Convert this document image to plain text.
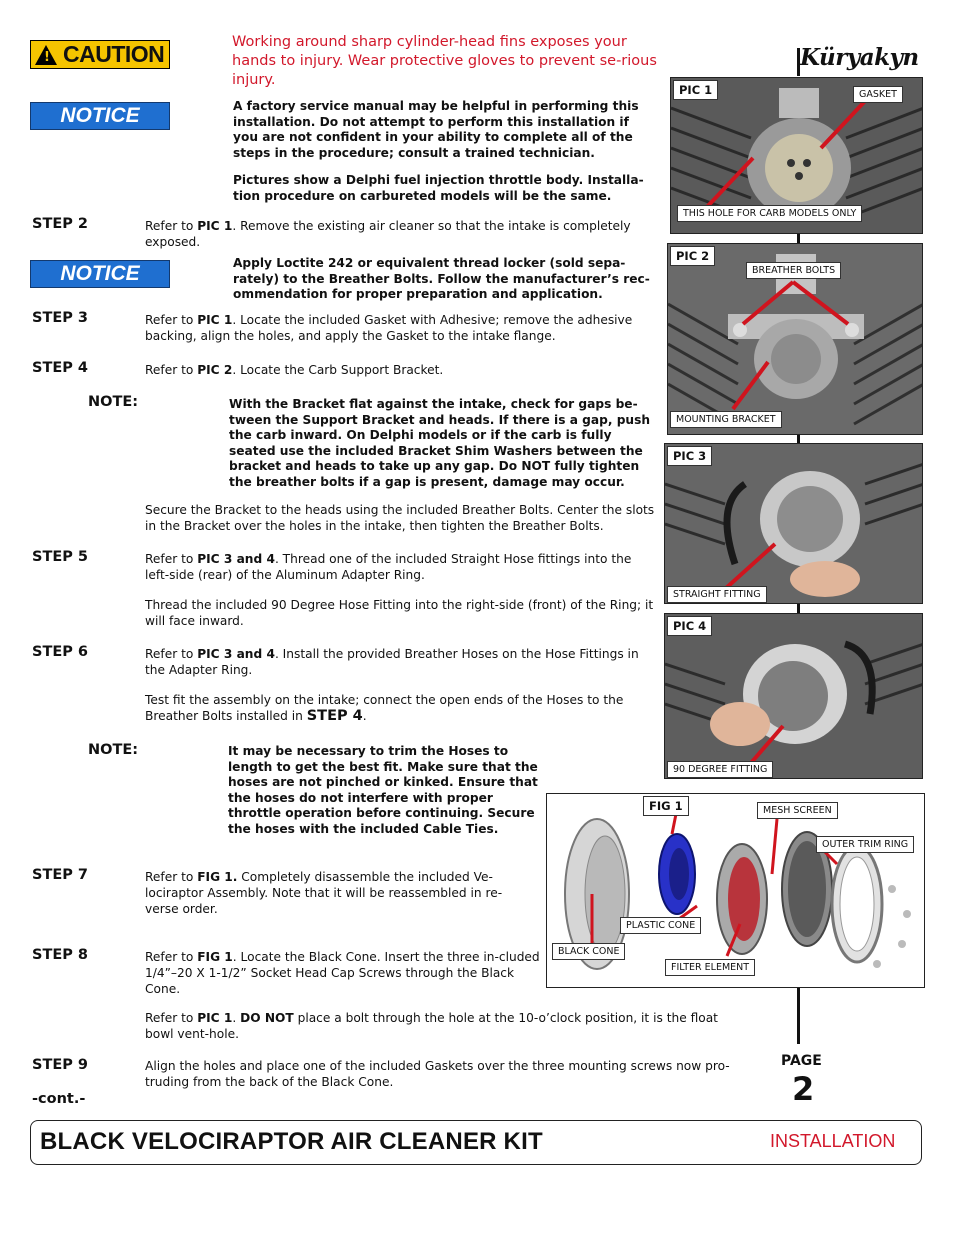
! CAUTION	Working around sharp cylinder-head fins exposes your hands to injury. Wear protective gloves to prevent se-rious injury.
NOTICE	A factory service manual may be helpful in performing this installation. Do not attempt to perform this installation if you are not confident in your ability to complete all of the steps in the procedure; consult a trained technician.
Pictures show a Delphi fuel injection throttle body. Installa-tion procedure on carbureted models will be the same.
STEP 2	Refer to PIC 1. Remove the existing air cleaner so that the intake is completely exposed.
NOTICE	Apply Loctite 242 or equivalent thread locker (sold sepa-rately) to the Breather Bolts. Follow the manufacturer’s rec-ommendation for proper preparation and application.
STEP 3	Refer to PIC 1. Locate the included Gasket with Adhesive; remove the adhesive backing, align the holes, and apply the Gasket to the intake flange.
STEP 4	Refer to PIC 2. Locate the Carb Support Bracket.
NOTE:	With the Bracket flat against the intake, check for gaps be-tween the Support Bracket and heads. If there is a gap, push the carb inward. On Delphi models or if the carb is fully seated use the included Bracket Shim Washers between the bracket and heads to take up any gap. Do NOT fully tighten the breather bolts if a gap is present, damage may occur.
Secure the Bracket to the heads using the included Breather Bolts. Center the slots in the Bracket over the holes in the intake, then tighten the Breather Bolts.
STEP 5	Refer to PIC 3 and 4. Thread one of the included Straight Hose fittings into the left-side (rear) of the Aluminum Adapter Ring.
Thread the included 90 Degree Hose Fitting into the right-side (front) of the Ring; it will face inward.
STEP 6	Refer to PIC 3 and 4. Install the provided Breather Hoses on the Hose Fittings in the Adapter Ring.
Test fit the assembly on the intake; connect the open ends of the Hoses to the Breather Bolts installed in STEP 4.
NOTE:	It may be necessary to trim the Hoses to length to get the best fit. Make sure that the hoses are not pinched or kinked. Ensure that the hoses do not interfere with proper throttle operation before continuing. Secure the hoses with the included Cable Ties.
STEP 7	Refer to FIG 1. Completely disassemble the included Ve-lociraptor Assembly. Note that it will be reassembled in re-verse order.
STEP 8	Refer to FIG 1. Locate the Black Cone. Insert the three in-cluded 1/4”–20 X 1-1/2” Socket Head Cap Screws through the Black Cone.
Refer to PIC 1. DO NOT place a bolt through the hole at the 10-o’clock position, it is the float bowl vent-hole.
STEP 9	Align the holes and place one of the included Gaskets over the three mounting screws now pro-truding from the back of the Black Cone.
-cont.-
Küryakyn
PIC 1	GASKET
THIS HOLE FOR CARB MODELS ONLY
PIC 2
BREATHER BOLTS
MOUNTING BRACKET
PIC 3
STRAIGHT FITTING
PIC 4
90 DEGREE FITTING
FIG 1	MESH SCREEN
OUTER TRIM RING
PLASTIC CONE
BLACK CONE
FILTER ELEMENT
PAGE
2
BLACK VELOCIRAPTOR AIR CLEANER KIT	INSTALLATION
